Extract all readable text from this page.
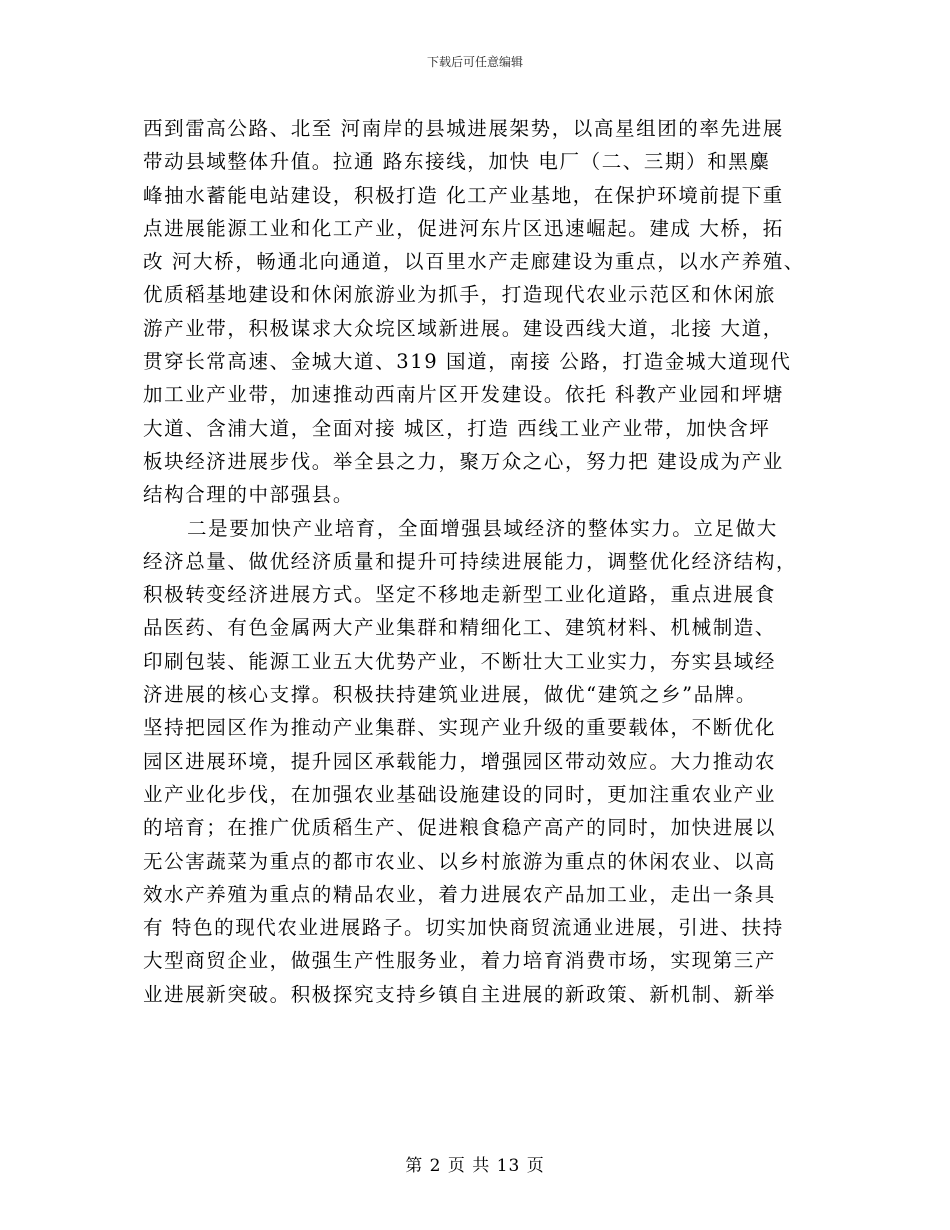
下载后可任意编辑
西到雷高公路、北至 河南岸的县城进展架势，以高星组团的率先进展
带动县域整体升值。拉通 路东接线，加快 电厂（二、三期）和黑麋
峰抽水蓄能电站建设，积极打造 化工产业基地，在保护环境前提下重
点进展能源工业和化工产业，促进河东片区迅速崛起。建成 大桥，拓
改 河大桥，畅通北向通道，以百里水产走廊建设为重点，以水产养殖、
优质稻基地建设和休闲旅游业为抓手，打造现代农业示范区和休闲旅
游产业带，积极谋求大众垸区域新进展。建设西线大道，北接 大道，
贯穿长常高速、金城大道、319 国道，南接 公路，打造金城大道现代
加工业产业带，加速推动西南片区开发建设。依托 科教产业园和坪塘
大道、含浦大道，全面对接 城区，打造 西线工业产业带，加快含坪
板块经济进展步伐。举全县之力，聚万众之心，努力把 建设成为产业
结构合理的中部强县。
二是要加快产业培育，全面增强县域经济的整体实力。立足做大
经济总量、做优经济质量和提升可持续进展能力，调整优化经济结构，
积极转变经济进展方式。坚定不移地走新型工业化道路，重点进展食
品医药、有色金属两大产业集群和精细化工、建筑材料、机械制造、
印刷包装、能源工业五大优势产业，不断壮大工业实力，夯实县域经
济进展的核心支撑。积极扶持建筑业进展，做优“建筑之乡”品牌。
坚持把园区作为推动产业集群、实现产业升级的重要载体，不断优化
园区进展环境，提升园区承载能力，增强园区带动效应。大力推动农
业产业化步伐，在加强农业基础设施建设的同时，更加注重农业产业
的培育；在推广优质稻生产、促进粮食稳产高产的同时，加快进展以
无公害蔬菜为重点的都市农业、以乡村旅游为重点的休闲农业、以高
效水产养殖为重点的精品农业，着力进展农产品加工业，走出一条具
有 特色的现代农业进展路子。切实加快商贸流通业进展，引进、扶持
大型商贸企业，做强生产性服务业，着力培育消费市场，实现第三产
业进展新突破。积极探究支持乡镇自主进展的新政策、新机制、新举
第 2 页 共 13 页
